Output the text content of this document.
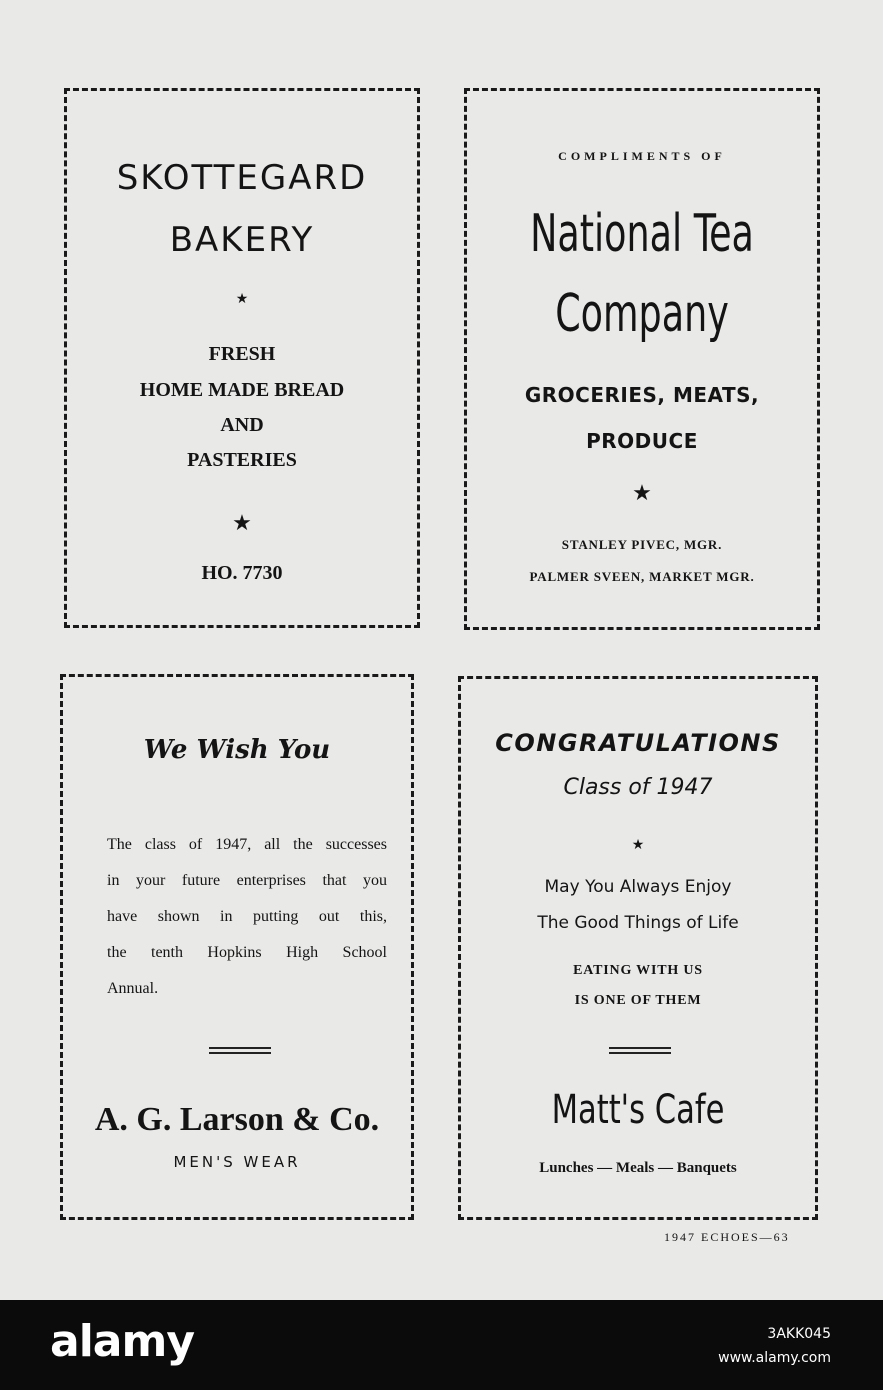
SKOTTEGARD
BAKERY
★
FRESH
HOME MADE BREAD
AND
PASTERIES
★
HO. 7730
COMPLIMENTS OF
National Tea
Company
GROCERIES, MEATS,
PRODUCE
★
STANLEY PIVEC, MGR.
PALMER SVEEN, MARKET MGR.
We Wish You
The class of 1947, all the successes
in your future enterprises that you
have shown in putting out this,
the tenth Hopkins High School
Annual.
A. G. Larson & Co.
MEN'S WEAR
CONGRATULATIONS
Class of 1947
★
May You Always Enjoy
The Good Things of Life
EATING WITH US
IS ONE OF THEM
Matt's Cafe
Lunches — Meals — Banquets
1947 ECHOES—63
alamy	3AKK045
www.alamy.com
